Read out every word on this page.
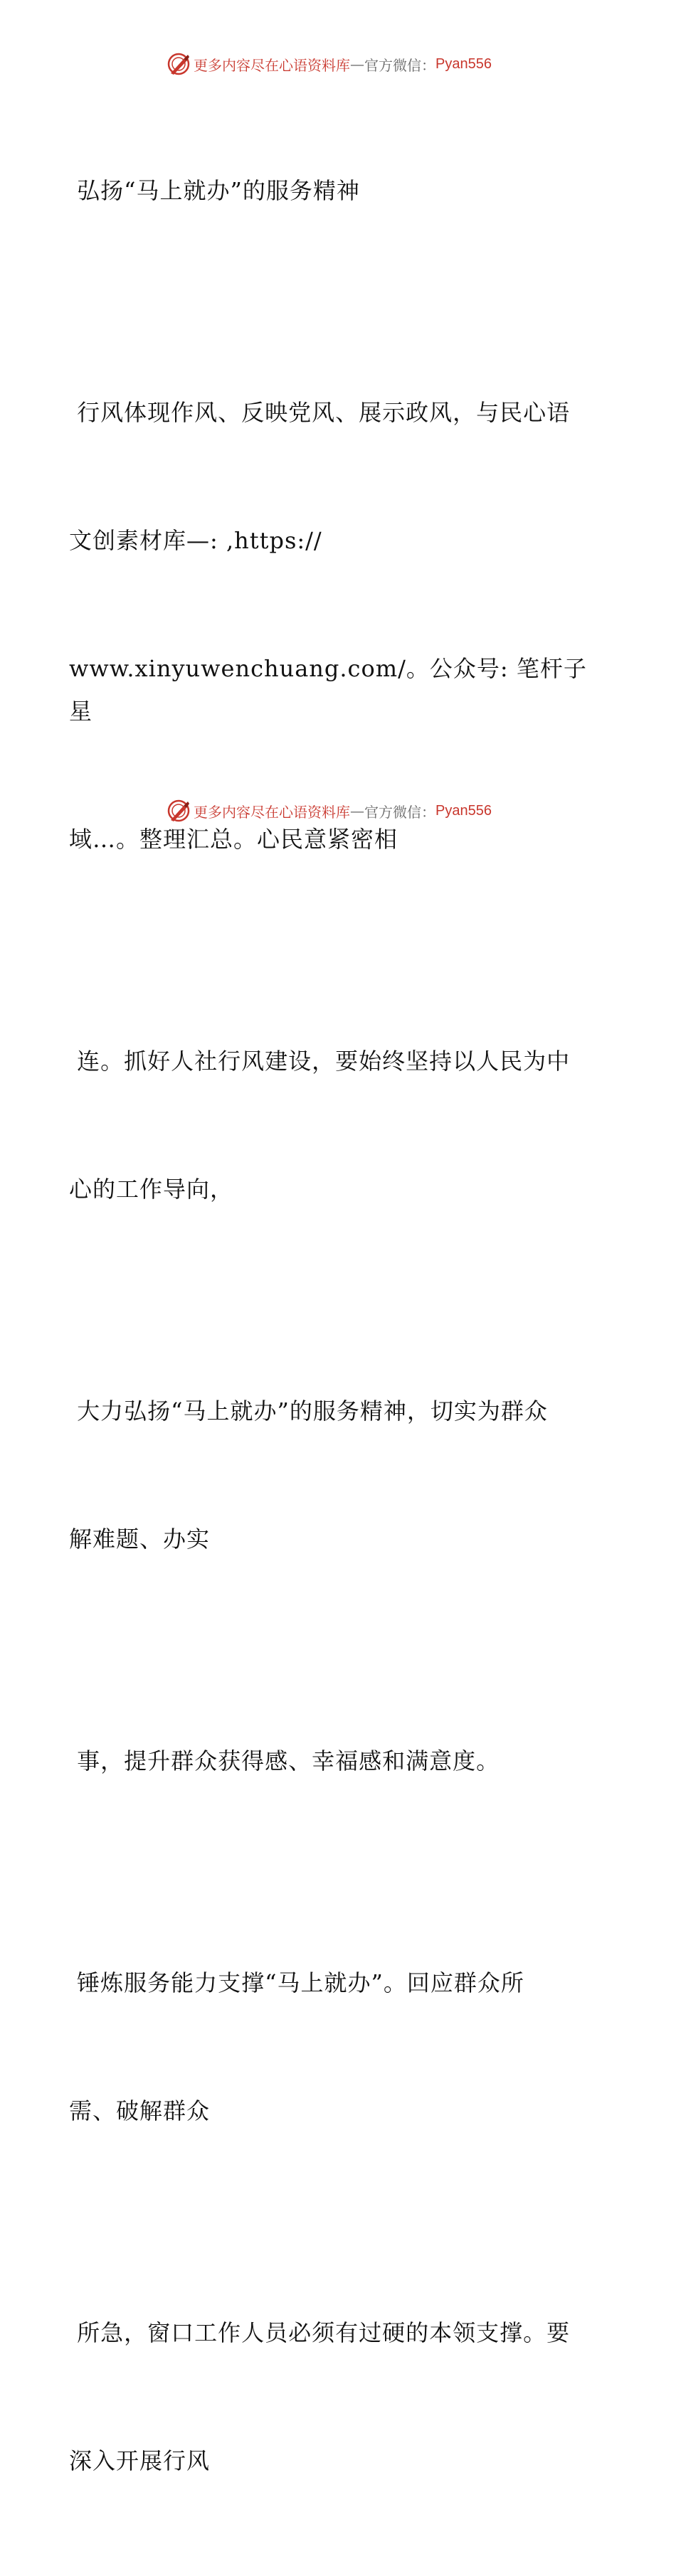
更多内容尽在心语资料库 — 官方微信： Pyan556

弘扬“马上就办”的服务精神

行风体现作风、反映党风、展示政风，与民心语

文创素材库—: ,https://

www.xinyuwenchuang.com/。公众号: 笔杆子星

域…。整理汇总。心民意紧密相

连。抓好人社行风建设，要始终坚持以人民为中

心的工作导向，

大力弘扬“马上就办”的服务精神，切实为群众

解难题、办实

事，提升群众获得感、幸福感和满意度。

锤炼服务能力支撑“马上就办”。回应群众所

需、破解群众

所急，窗口工作人员必须有过硬的本领支撑。要

深入开展行风

更多内容尽在心语资料库 — 官方微信： Pyan556
